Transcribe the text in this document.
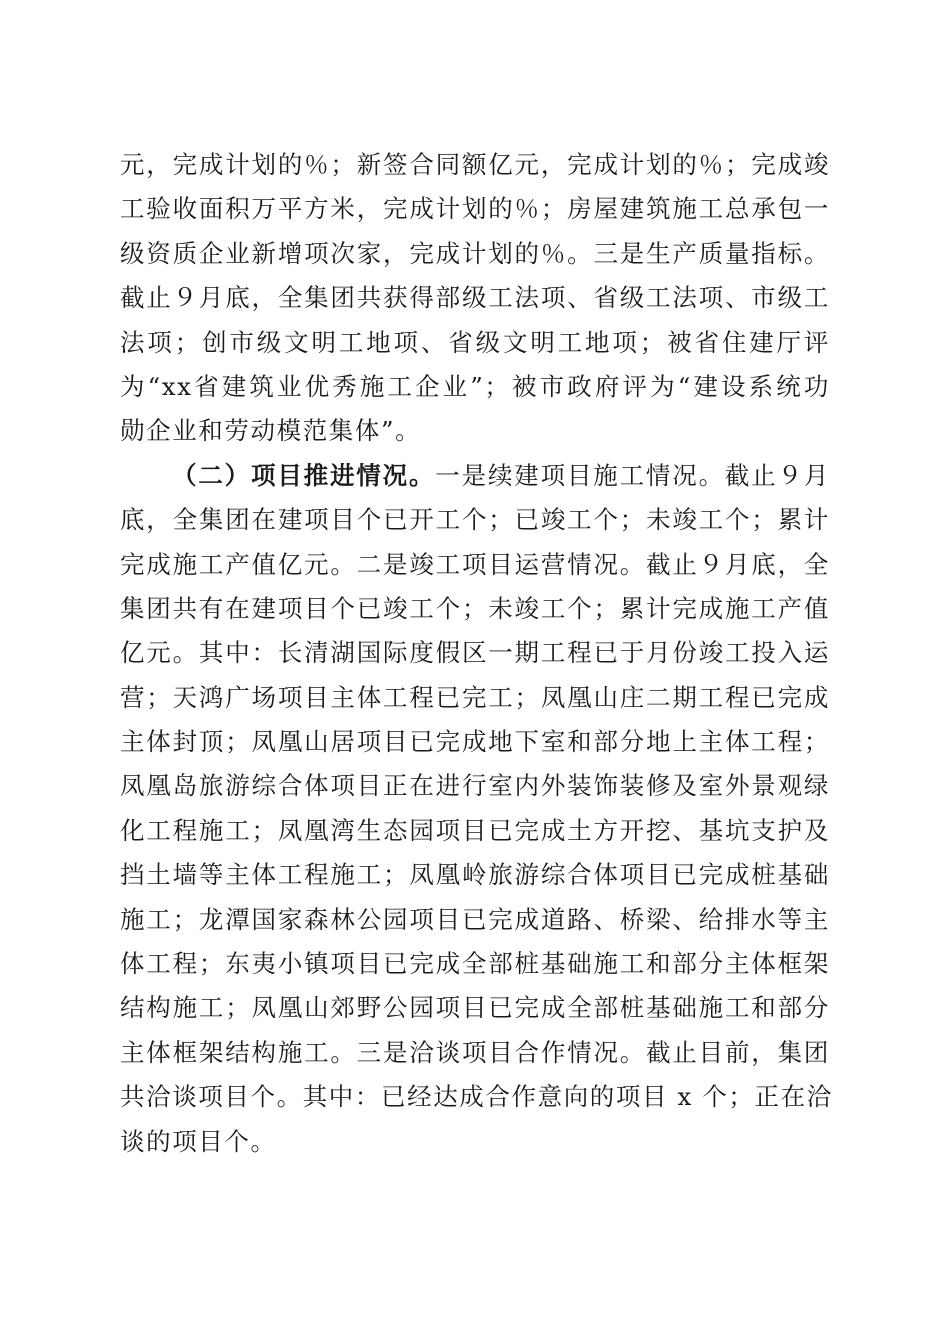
元，完成计划的％；新签合同额亿元，完成计划的％；完成竣
工验收面积万平方米，完成计划的％；房屋建筑施工总承包一
级资质企业新增项次家，完成计划的％。三是生产质量指标。
截止９月底，全集团共获得部级工法项、省级工法项、市级工
法项；创市级文明工地项、省级文明工地项；被省住建厅评
为“xx省建筑业优秀施工企业”；被市政府评为“建设系统功
勋企业和劳动模范集体”。
（二）项目推进情况。一是续建项目施工情况。截止９月
底，全集团在建项目个已开工个；已竣工个；未竣工个；累计
完成施工产值亿元。二是竣工项目运营情况。截止９月底，全
集团共有在建项目个已竣工个；未竣工个；累计完成施工产值
亿元。其中：长清湖国际度假区一期工程已于月份竣工投入运
营；天鸿广场项目主体工程已完工；凤凰山庄二期工程已完成
主体封顶；凤凰山居项目已完成地下室和部分地上主体工程；
凤凰岛旅游综合体项目正在进行室内外装饰装修及室外景观绿
化工程施工；凤凰湾生态园项目已完成土方开挖、基坑支护及
挡土墙等主体工程施工；凤凰岭旅游综合体项目已完成桩基础
施工；龙潭国家森林公园项目已完成道路、桥梁、给排水等主
体工程；东夷小镇项目已完成全部桩基础施工和部分主体框架
结构施工；凤凰山郊野公园项目已完成全部桩基础施工和部分
主体框架结构施工。三是洽谈项目合作情况。截止目前，集团
共洽谈项目个。其中：已经达成合作意向的项目 x 个；正在洽
谈的项目个。
